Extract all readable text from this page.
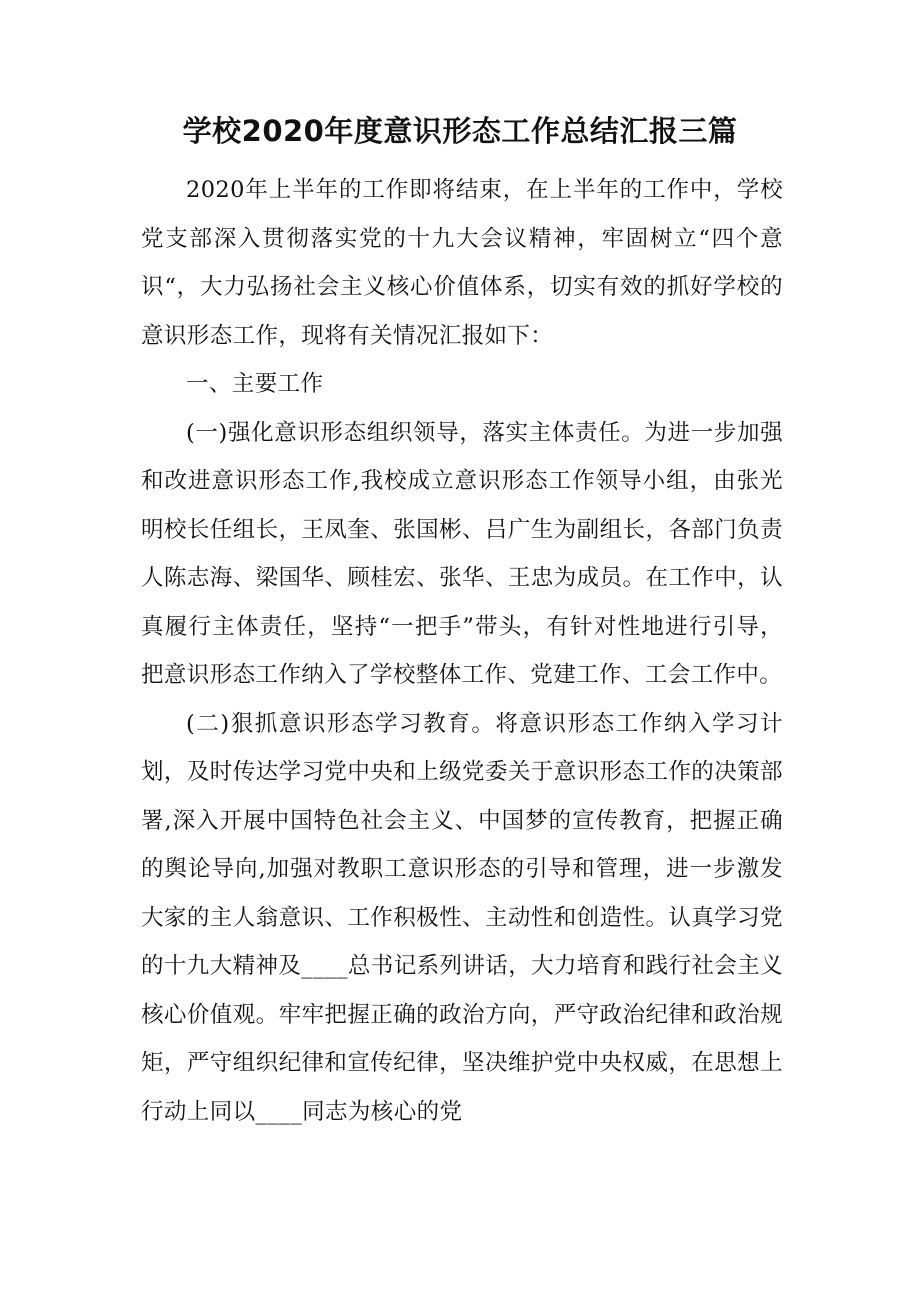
学校2020年度意识形态工作总结汇报三篇

2020年上半年的工作即将结束，在上半年的工作中，学校党支部深入贯彻落实党的十九大会议精神，牢固树立“四个意识“，大力弘扬社会主义核心价值体系，切实有效的抓好学校的意识形态工作，现将有关情况汇报如下：

一、主要工作

(一)强化意识形态组织领导，落实主体责任。为进一步加强和改进意识形态工作,我校成立意识形态工作领导小组，由张光明校长任组长，王凤奎、张国彬、吕广生为副组长，各部门负责人陈志海、梁国华、顾桂宏、张华、王忠为成员。在工作中，认真履行主体责任，坚持“一把手”带头，有针对性地进行引导，把意识形态工作纳入了学校整体工作、党建工作、工会工作中。

(二)狠抓意识形态学习教育。将意识形态工作纳入学习计划，及时传达学习党中央和上级党委关于意识形态工作的决策部署,深入开展中国特色社会主义、中国梦的宣传教育，把握正确的舆论导向,加强对教职工意识形态的引导和管理，进一步激发大家的主人翁意识、工作积极性、主动性和创造性。认真学习党的十九大精神及____总书记系列讲话，大力培育和践行社会主义核心价值观。牢牢把握正确的政治方向，严守政治纪律和政治规矩，严守组织纪律和宣传纪律，坚决维护党中央权威，在思想上行动上同以____同志为核心的党
